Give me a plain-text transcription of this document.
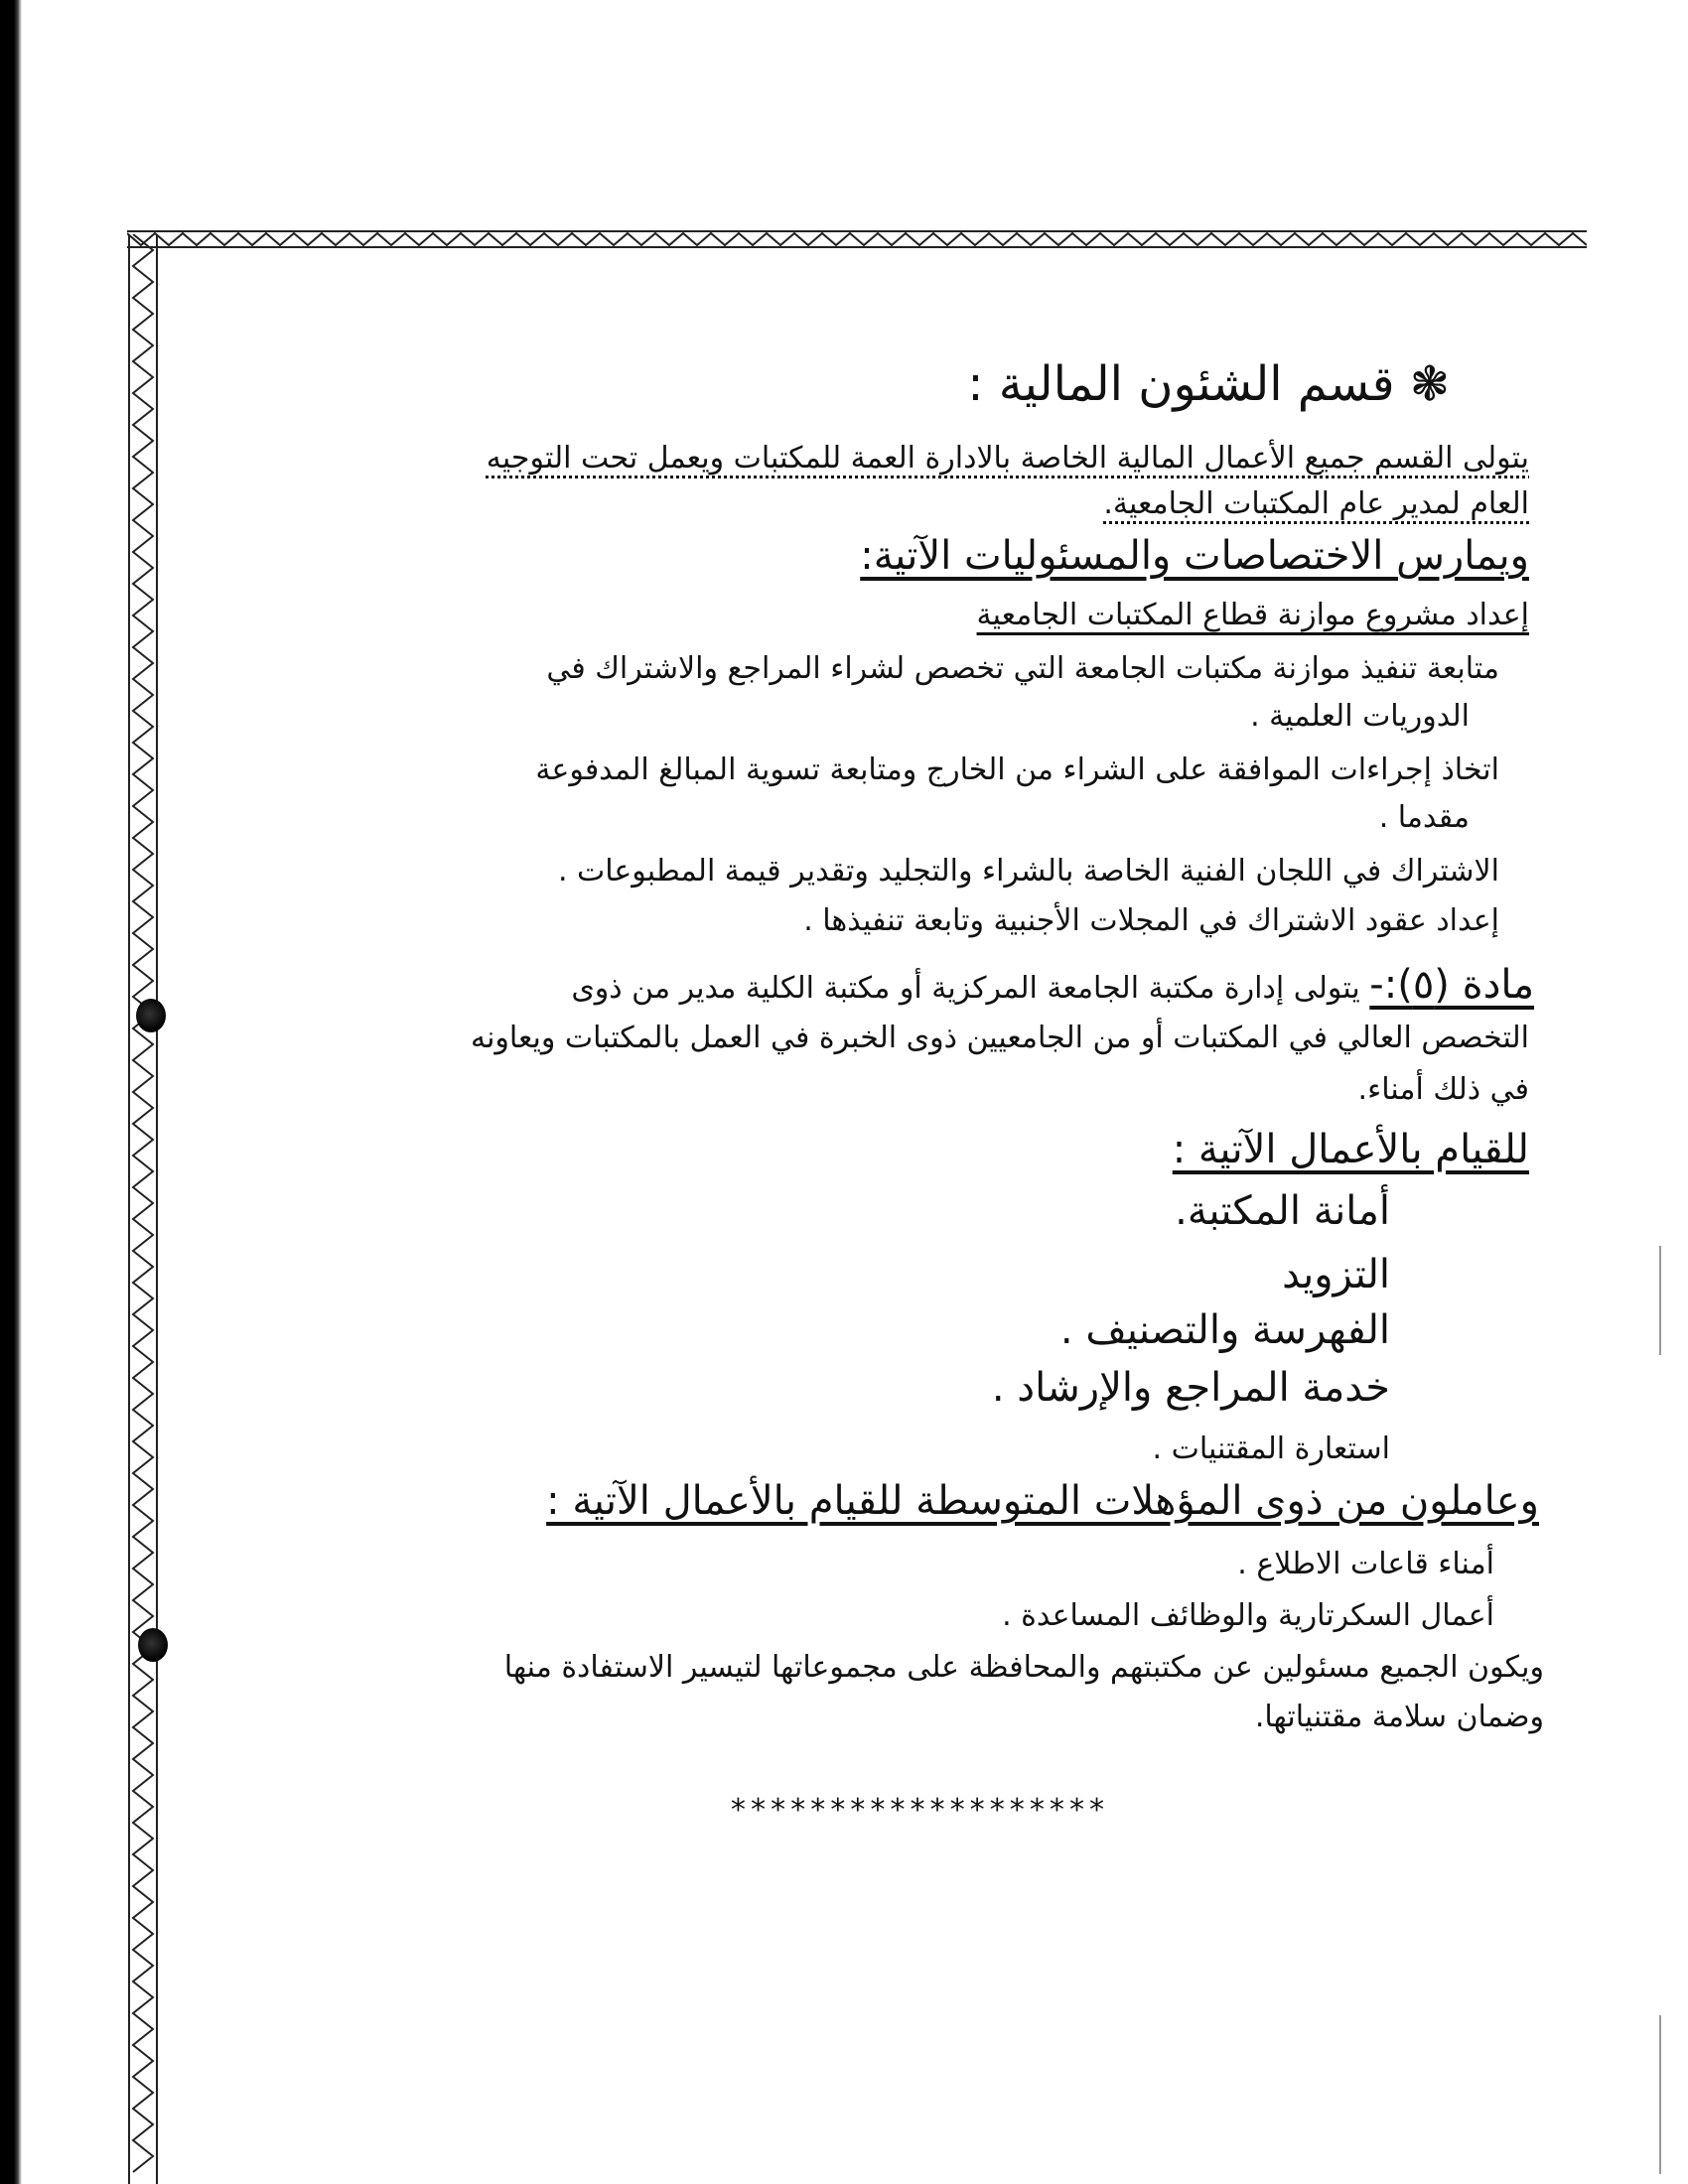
❃ قسم الشئون المالية :
يتولى القسم جميع الأعمال المالية الخاصة بالادارة العمة للمكتبات ويعمل تحت التوجيه
العام لمدير عام المكتبات الجامعية.
ويمارس الاختصاصات والمسئوليات الآتية:
إعداد مشروع موازنة قطاع المكتبات الجامعية
متابعة تنفيذ موازنة مكتبات الجامعة التي تخصص لشراء المراجع والاشتراك في
الدوريات العلمية .
اتخاذ إجراءات الموافقة على الشراء من الخارج ومتابعة تسوية المبالغ المدفوعة
مقدما .
الاشتراك في اللجان الفنية الخاصة بالشراء والتجليد وتقدير قيمة المطبوعات .
إعداد عقود الاشتراك في المجلات الأجنبية وتابعة تنفيذها .
مادة (٥):- يتولى إدارة مكتبة الجامعة المركزية أو مكتبة الكلية مدير من ذوى
التخصص العالي في المكتبات أو من الجامعيين ذوى الخبرة في العمل بالمكتبات ويعاونه
في ذلك أمناء.
للقيام بالأعمال الآتية :
أمانة المكتبة.
التزويد
الفهرسة والتصنيف .
خدمة المراجع والإرشاد .
استعارة المقتنيات .
وعاملون من ذوى المؤهلات المتوسطة للقيام بالأعمال الآتية :
أمناء قاعات الاطلاع .
أعمال السكرتارية والوظائف المساعدة .
ويكون الجميع مسئولين عن مكتبتهم والمحافظة على مجموعاتها لتيسير الاستفادة منها
وضمان سلامة مقتنياتها.
*******************
